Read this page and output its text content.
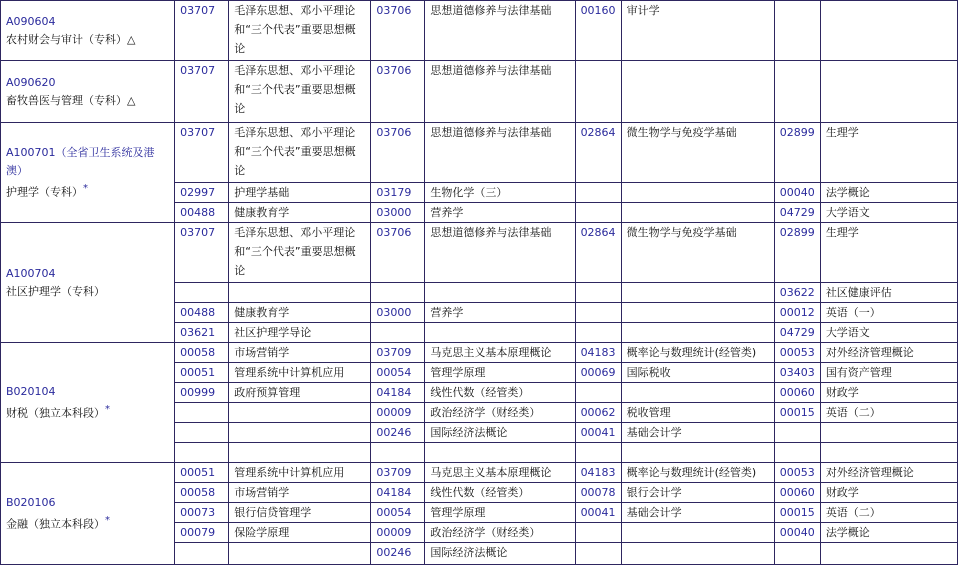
A090604
农村财会与审计（专科）△	03707	毛泽东思想、邓小平理论和“三个代表”重要思想概论	03706	思想道德修养与法律基础	00160	审计学		

A090620
畜牧兽医与管理（专科）△	03707	毛泽东思想、邓小平理论和“三个代表”重要思想概论	03706	思想道德修养与法律基础				

A100701（全省卫生系统及港澳）
护理学（专科）*	03707	毛泽东思想、邓小平理论和“三个代表”重要思想概论	03706	思想道德修养与法律基础	02864	微生物学与免疫学基础	02899	生理学
	02997	护理学基础	03179	生物化学（三）			00040	法学概论
	00488	健康教育学	03000	营养学			04729	大学语文

A100704
社区护理学（专科）	03707	毛泽东思想、邓小平理论和“三个代表”重要思想概论	03706	思想道德修养与法律基础	02864	微生物学与免疫学基础	02899	生理学
							03622	社区健康评估
	00488	健康教育学	03000	营养学			00012	英语（一）
	03621	社区护理学导论					04729	大学语文

B020104
财税（独立本科段）*	00058	市场营销学	03709	马克思主义基本原理概论	04183	概率论与数理统计(经管类)	00053	对外经济管理概论
	00051	管理系统中计算机应用	00054	管理学原理	00069	国际税收	03403	国有资产管理
	00999	政府预算管理	04184	线性代数（经管类）			00060	财政学
			00009	政治经济学（财经类）	00062	税收管理	00015	英语（二）
			00246	国际经济法概论	00041	基础会计学		

B020106
金融（独立本科段）*	00051	管理系统中计算机应用	03709	马克思主义基本原理概论	04183	概率论与数理统计(经管类)	00053	对外经济管理概论
	00058	市场营销学	04184	线性代数（经管类）	00078	银行会计学	00060	财政学
	00073	银行信贷管理学	00054	管理学原理	00041	基础会计学	00015	英语（二）
	00079	保险学原理	00009	政治经济学（财经类）			00040	法学概论
			00246	国际经济法概论				
